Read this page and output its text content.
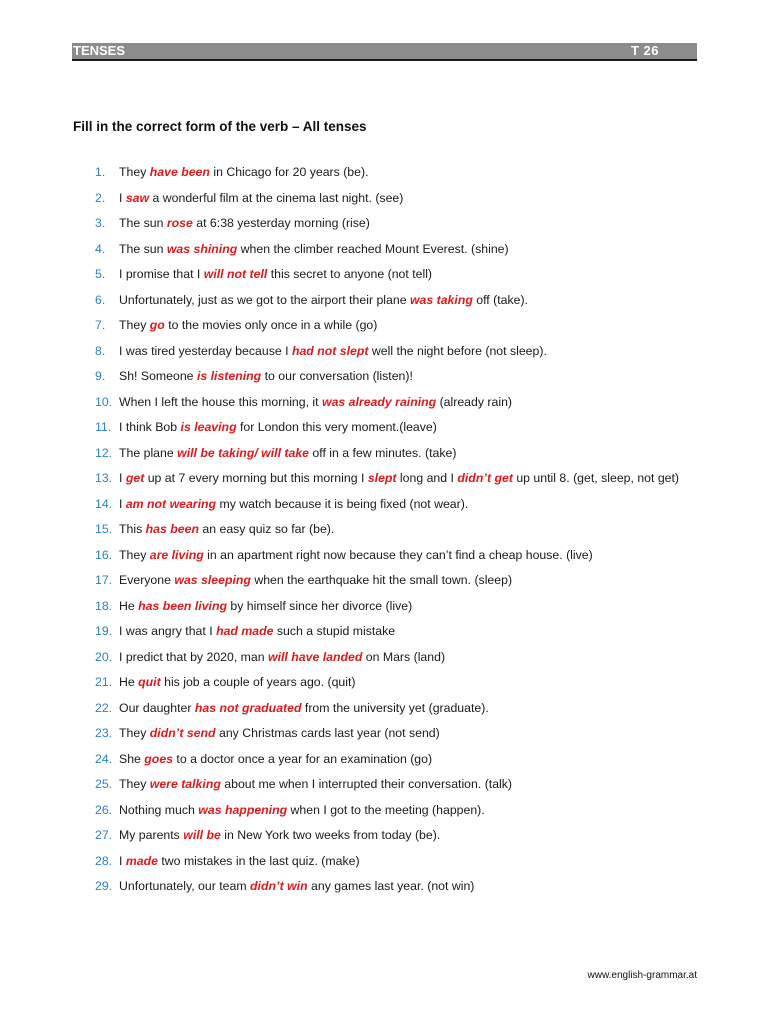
TENSES	T 26
Fill in the correct form of the verb – All tenses
1. They have been in Chicago for 20 years (be).
2. I saw a wonderful film at the cinema last night. (see)
3. The sun rose at 6:38 yesterday morning (rise)
4. The sun was shining when the climber reached Mount Everest. (shine)
5. I promise that I will not tell this secret to anyone (not tell)
6. Unfortunately, just as we got to the airport their plane was taking off (take).
7. They go to the movies only once in a while (go)
8. I was tired yesterday because I had not slept well the night before (not sleep).
9. Sh! Someone is listening to our conversation (listen)!
10. When I left the house this morning, it was already raining (already rain)
11. I think Bob is leaving for London this very moment.(leave)
12. The plane will be taking/ will take off in a few minutes. (take)
13. I get up at 7 every morning but this morning I slept long and I didn’t get up until 8. (get, sleep, not get)
14. I am not wearing my watch because it is being fixed (not wear).
15. This has been an easy quiz so far (be).
16. They are living in an apartment right now because they can’t find a cheap house. (live)
17. Everyone was sleeping when the earthquake hit the small town. (sleep)
18. He has been living by himself since her divorce (live)
19. I was angry that I had made such a stupid mistake
20. I predict that by 2020, man will have landed on Mars (land)
21. He quit his job a couple of years ago. (quit)
22. Our daughter has not graduated from the university yet (graduate).
23. They didn’t send any Christmas cards last year (not send)
24. She goes to a doctor once a year for an examination (go)
25. They were talking about me when I interrupted their conversation. (talk)
26. Nothing much was happening when I got to the meeting (happen).
27. My parents will be in New York two weeks from today (be).
28. I made two mistakes in the last quiz. (make)
29. Unfortunately, our team didn’t win any games last year. (not win)
www.english-grammar.at
